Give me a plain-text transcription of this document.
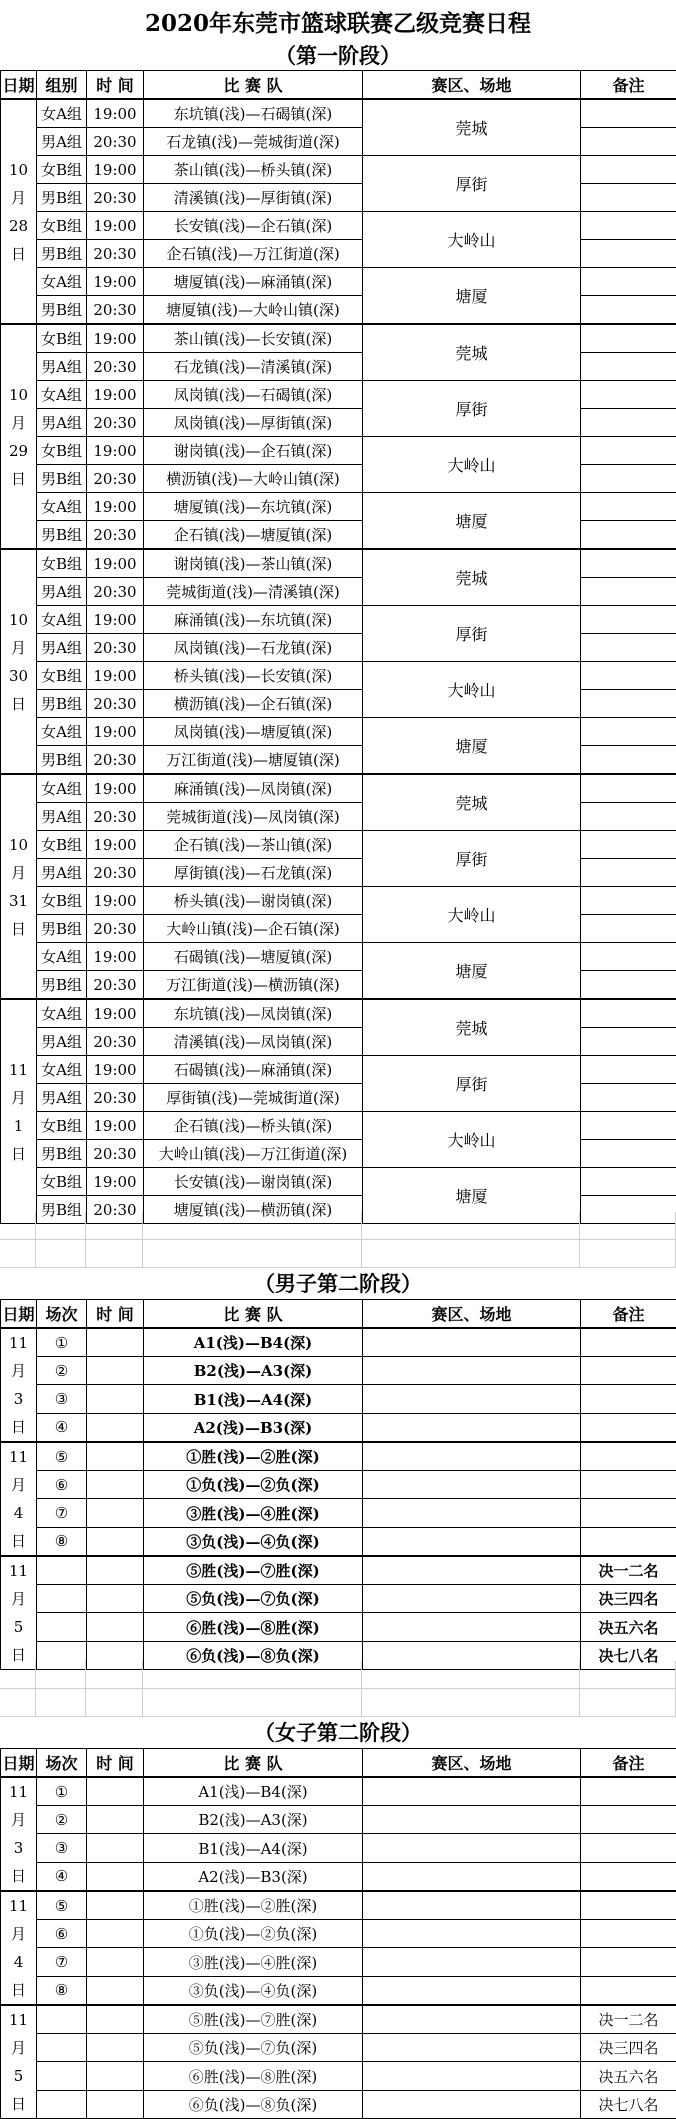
2020年东莞市篮球联赛乙级竞赛日程
（第一阶段）
日期	组别	时 间	比 赛 队	赛区、场地	备注

10
月
28
日	女A组	19:00	东坑镇(浅)—石碣镇(深)	莞城	
	男A组	20:30	石龙镇(浅)—莞城街道(深)		
	女B组	19:00	茶山镇(浅)—桥头镇(深)	厚街	
	男B组	20:30	清溪镇(浅)—厚街镇(深)		
	女B组	19:00	长安镇(浅)—企石镇(深)	大岭山	
	男B组	20:30	企石镇(浅)—万江街道(深)		
	女A组	19:00	塘厦镇(浅)—麻涌镇(深)	塘厦	
	男B组	20:30	塘厦镇(浅)—大岭山镇(深)		

10
月
29
日	女B组	19:00	茶山镇(浅)—长安镇(深)	莞城	
	男A组	20:30	石龙镇(浅)—清溪镇(深)		
	女A组	19:00	凤岗镇(浅)—石碣镇(深)	厚街	
	男A组	20:30	凤岗镇(浅)—厚街镇(深)		
	女B组	19:00	谢岗镇(浅)—企石镇(深)	大岭山	
	男B组	20:30	横沥镇(浅)—大岭山镇(深)		
	女A组	19:00	塘厦镇(浅)—东坑镇(深)	塘厦	
	男B组	20:30	企石镇(浅)—塘厦镇(深)		

10
月
30
日	女B组	19:00	谢岗镇(浅)—茶山镇(深)	莞城	
	男A组	20:30	莞城街道(浅)—清溪镇(深)		
	女A组	19:00	麻涌镇(浅)—东坑镇(深)	厚街	
	男A组	20:30	凤岗镇(浅)—石龙镇(深)		
	女B组	19:00	桥头镇(浅)—长安镇(深)	大岭山	
	男B组	20:30	横沥镇(浅)—企石镇(深)		
	女A组	19:00	凤岗镇(浅)—塘厦镇(深)	塘厦	
	男B组	20:30	万江街道(浅)—塘厦镇(深)		

10
月
31
日	女A组	19:00	麻涌镇(浅)—凤岗镇(深)	莞城	
	男A组	20:30	莞城街道(浅)—凤岗镇(深)		
	女B组	19:00	企石镇(浅)—茶山镇(深)	厚街	
	男A组	20:30	厚街镇(浅)—石龙镇(深)		
	女B组	19:00	桥头镇(浅)—谢岗镇(深)	大岭山	
	男B组	20:30	大岭山镇(浅)—企石镇(深)		
	女A组	19:00	石碣镇(浅)—塘厦镇(深)	塘厦	
	男B组	20:30	万江街道(浅)—横沥镇(深)		

11
月
1
日	女A组	19:00	东坑镇(浅)—凤岗镇(深)	莞城	
	男A组	20:30	清溪镇(浅)—凤岗镇(深)		
	女A组	19:00	石碣镇(浅)—麻涌镇(深)	厚街	
	男A组	20:30	厚街镇(浅)—莞城街道(深)		
	女B组	19:00	企石镇(浅)—桥头镇(深)	大岭山	
	男B组	20:30	大岭山镇(浅)—万江街道(深)		
	女B组	19:00	长安镇(浅)—谢岗镇(深)	塘厦	
	男B组	20:30	塘厦镇(浅)—横沥镇(深)		
（男子第二阶段）
日期	场次	时 间	比 赛 队	赛区、场地	备注

11
月
3
日	①		A1(浅)—B4(深)		
	②		B2(浅)—A3(深)		
	③		B1(浅)—A4(深)		
	④		A2(浅)—B3(深)		

11
月
4
日	⑤		①胜(浅)—②胜(深)		
	⑥		①负(浅)—②负(深)		
	⑦		③胜(浅)—④胜(深)		
	⑧		③负(浅)—④负(深)		

11
月
5
日			⑤胜(浅)—⑦胜(深)		决一二名
			⑤负(浅)—⑦负(深)		决三四名
			⑥胜(浅)—⑧胜(深)		决五六名
			⑥负(浅)—⑧负(深)		决七八名
（女子第二阶段）
日期	场次	时 间	比 赛 队	赛区、场地	备注

11
月
3
日	①		A1(浅)—B4(深)		
	②		B2(浅)—A3(深)		
	③		B1(浅)—A4(深)		
	④		A2(浅)—B3(深)		

11
月
4
日	⑤		①胜(浅)—②胜(深)		
	⑥		①负(浅)—②负(深)		
	⑦		③胜(浅)—④胜(深)		
	⑧		③负(浅)—④负(深)		

11
月
5
日			⑤胜(浅)—⑦胜(深)		决一二名
			⑤负(浅)—⑦负(深)		决三四名
			⑥胜(浅)—⑧胜(深)		决五六名
			⑥负(浅)—⑧负(深)		决七八名
